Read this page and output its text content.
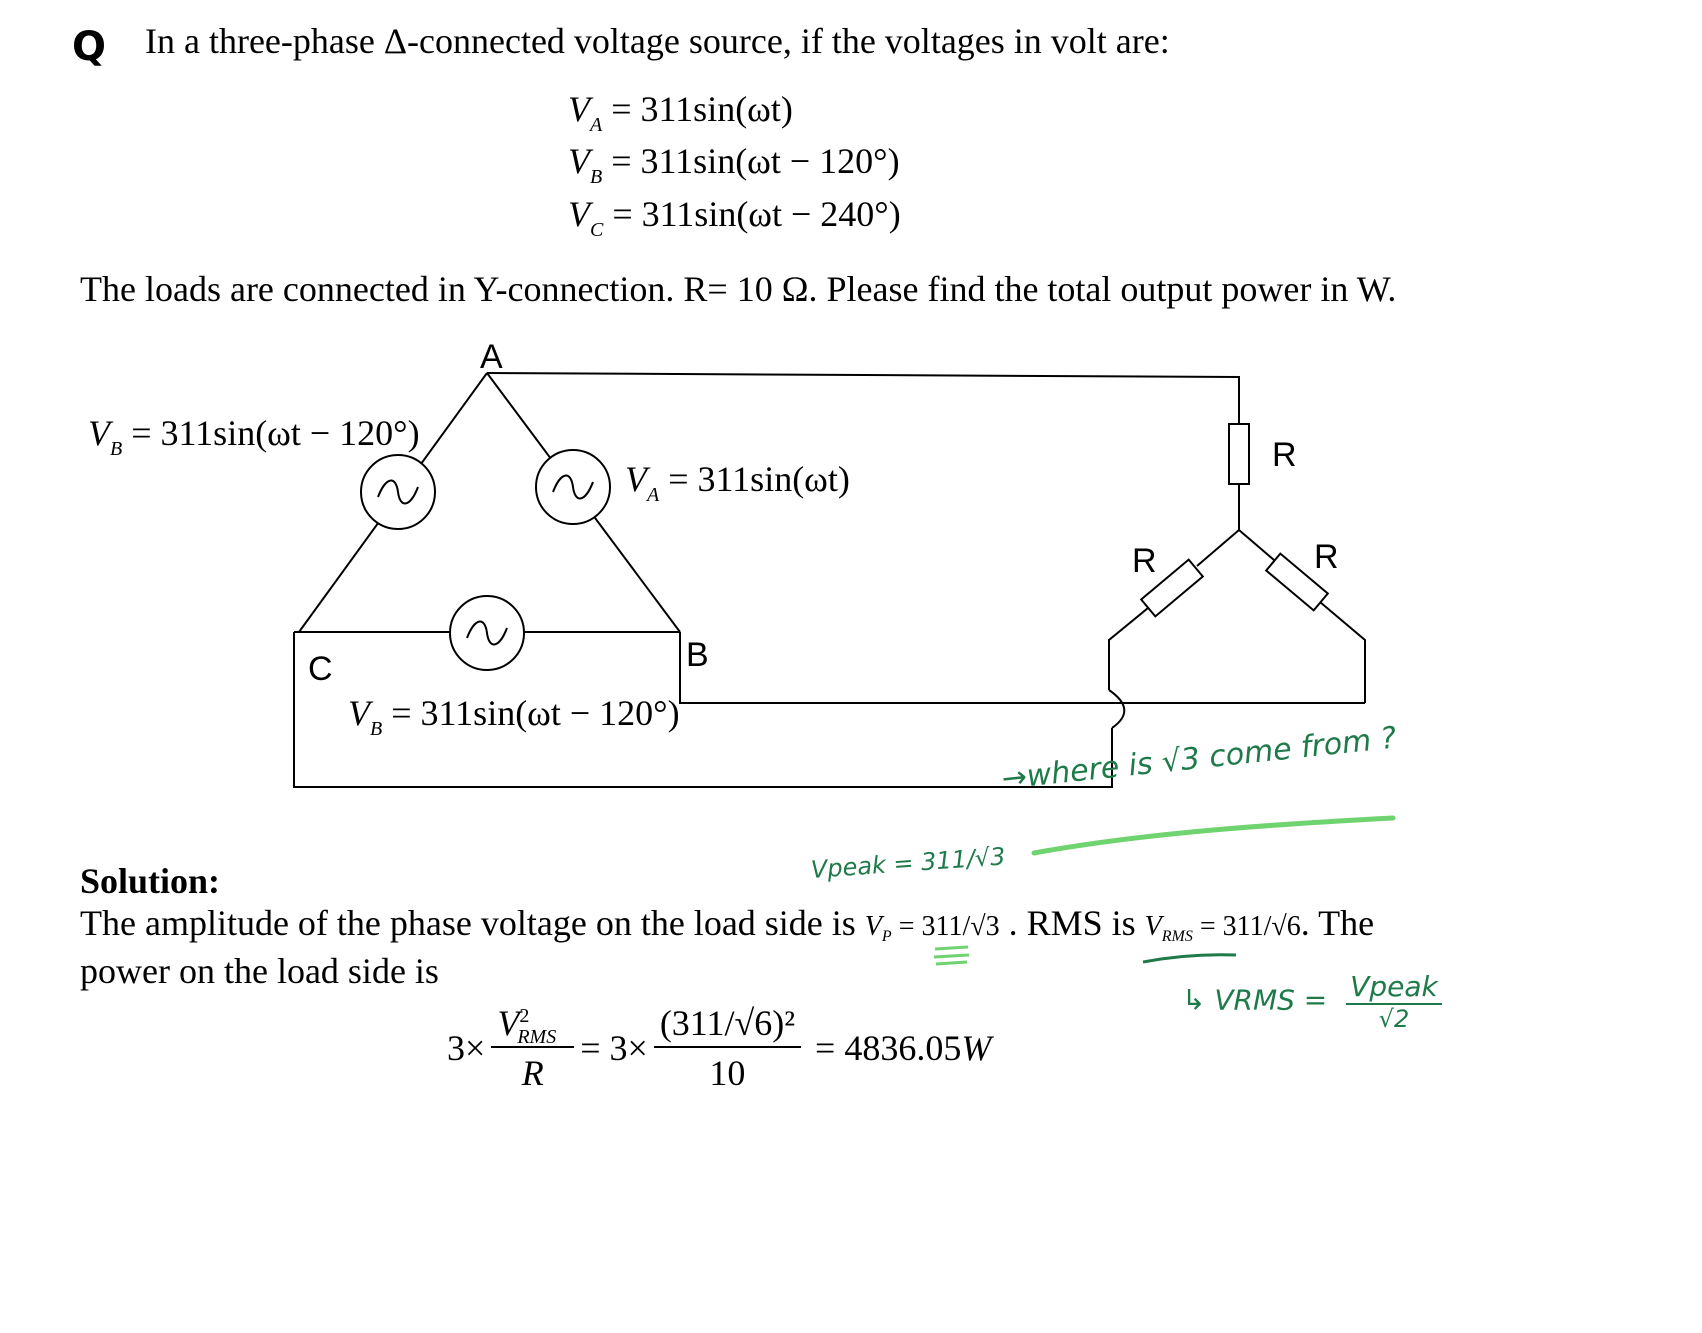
Q In a three-phase Δ-connected voltage source, if the voltages in volt are:
$V_A = 311\sin(\omega t)$
$V_B = 311\sin(\omega t - 120^\circ)$
$V_C = 311\sin(\omega t - 240^\circ)$
The loads are connected in Y-connection. R= 10 Ω. Please find the total output power in W.
A
C	B
R
R	R
$V_B = 311\sin(\omega t - 120^\circ)$
$V_A = 311\sin(\omega t)$
$V_B = 311\sin(\omega t - 120^\circ)$
→where is √3 come from ?
Vpeak = 311/√3
↳ VRMS = Vpeak
√2
Solution:
The amplitude of the phase voltage on the load side is $V_P = 311/√3$ . RMS is $V_{RMS} = 311/√6$. The
power on the load side is
$3\times \frac{V^2_{RMS}}{R} = 3\times \frac{\text{(311/√6)²}}{10} = 4836.05W$
